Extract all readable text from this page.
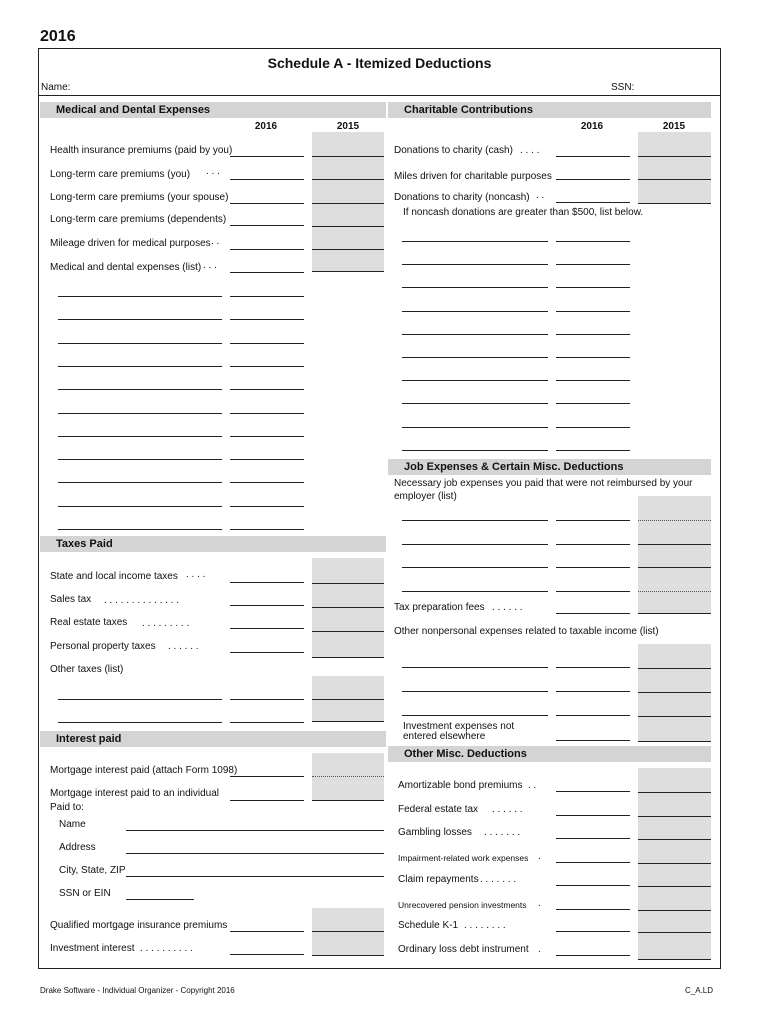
2016
Schedule A - Itemized Deductions
Name:	SSN:
Medical and Dental Expenses
2016	2015
Health insurance premiums (paid by you)
Long-term care premiums (you) . . .
Long-term care premiums (your spouse)
Long-term care premiums (dependents)
Mileage driven for medical purposes . .
Medical and dental expenses (list) . . .
Taxes Paid
State and local income taxes . . . .
Sales tax . . . . . . . . . . . . . .
Real estate taxes . . . . . . . . .
Personal property taxes . . . . . .
Other taxes (list)
Interest paid
Mortgage interest paid (attach Form 1098)
Mortgage interest paid to an individual
Paid to:
Name
Address
City, State, ZIP
SSN or EIN
Qualified mortgage insurance premiums
Investment interest . . . . . . . . . .
Charitable Contributions
2016	2015
Donations to charity (cash) . . . .
Miles driven for charitable purposes
Donations to charity (noncash) . .
If noncash donations are greater than $500, list below.
Job Expenses & Certain Misc. Deductions
Necessary job expenses you paid that were not reimbursed by your
employer (list)
Tax preparation fees . . . . . .
Other nonpersonal expenses related to taxable income (list)
Investment expenses not
entered elsewhere
Other Misc. Deductions
Drake Software - Individual Organizer - Copyright 2016	C_A.LD
Amortizable bond premiums . .
Federal estate tax . . . . . .
Gambling losses . . . . . . .
Impairment-related work expenses .
Claim repayments . . . . . . .
Unrecovered pension investments .
Schedule K-1 . . . . . . . .
Ordinary loss debt instrument .
